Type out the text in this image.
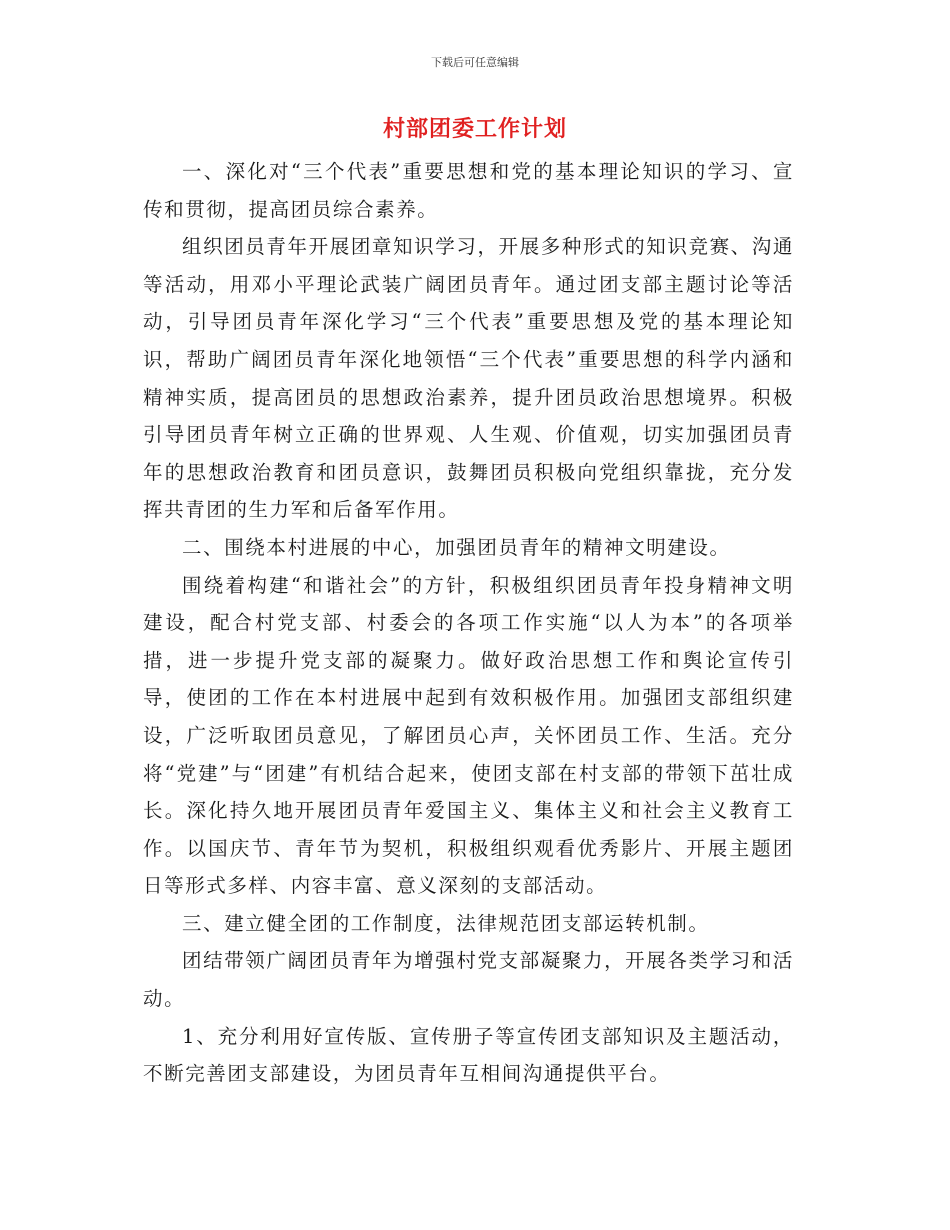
下载后可任意编辑
村部团委工作计划

一、深化对“三个代表”重要思想和党的基本理论知识的学习、宣传和贯彻，提高团员综合素养。

组织团员青年开展团章知识学习，开展多种形式的知识竞赛、沟通等活动，用邓小平理论武装广阔团员青年。通过团支部主题讨论等活动，引导团员青年深化学习“三个代表”重要思想及党的基本理论知识，帮助广阔团员青年深化地领悟“三个代表”重要思想的科学内涵和精神实质，提高团员的思想政治素养，提升团员政治思想境界。积极引导团员青年树立正确的世界观、人生观、价值观，切实加强团员青年的思想政治教育和团员意识，鼓舞团员积极向党组织靠拢，充分发挥共青团的生力军和后备军作用。

二、围绕本村进展的中心，加强团员青年的精神文明建设。

围绕着构建“和谐社会”的方针，积极组织团员青年投身精神文明建设，配合村党支部、村委会的各项工作实施“以人为本”的各项举措，进一步提升党支部的凝聚力。做好政治思想工作和舆论宣传引导，使团的工作在本村进展中起到有效积极作用。加强团支部组织建设，广泛听取团员意见，了解团员心声，关怀团员工作、生活。充分将“党建”与“团建”有机结合起来，使团支部在村支部的带领下茁壮成长。深化持久地开展团员青年爱国主义、集体主义和社会主义教育工作。以国庆节、青年节为契机，积极组织观看优秀影片、开展主题团日等形式多样、内容丰富、意义深刻的支部活动。

三、建立健全团的工作制度，法律规范团支部运转机制。

团结带领广阔团员青年为增强村党支部凝聚力，开展各类学习和活动。

1、充分利用好宣传版、宣传册子等宣传团支部知识及主题活动，不断完善团支部建设，为团员青年互相间沟通提供平台。
